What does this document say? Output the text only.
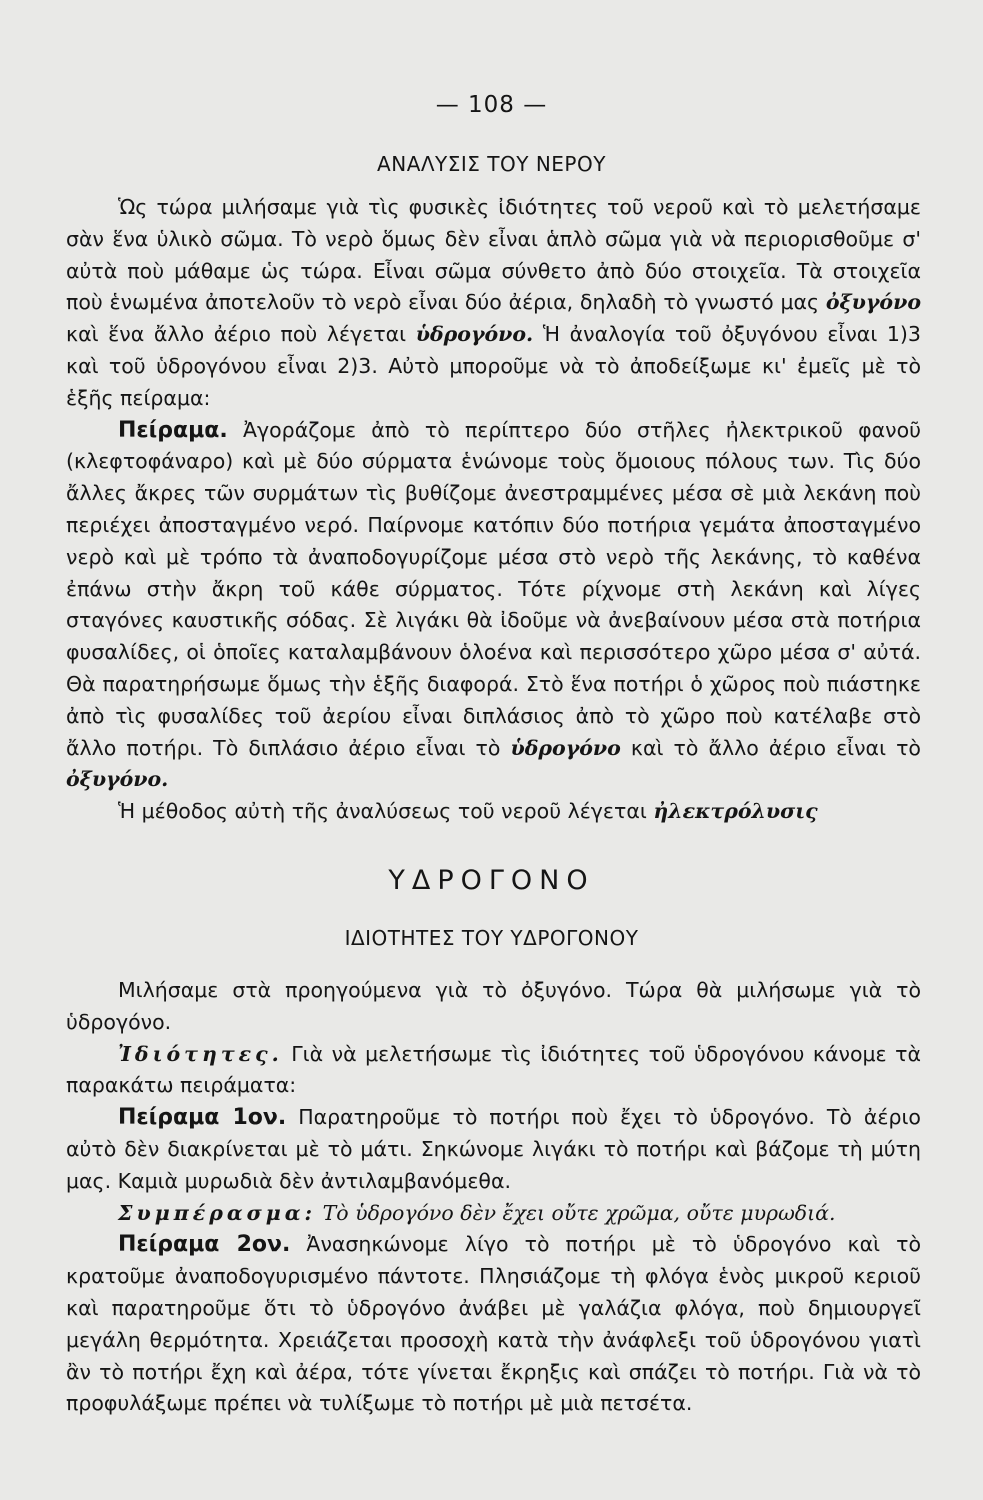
— 108 —
ΑΝΑΛΥΣΙΣ ΤΟΥ ΝΕΡΟΥ

Ὡς τώρα μιλήσαμε γιὰ τὶς φυσικὲς ἰδιότητες τοῦ νεροῦ καὶ τὸ μελετήσαμε σὰν ἕνα ὑλικὸ σῶμα. Τὸ νερὸ ὅμως δὲν εἶναι ἁπλὸ σῶμα γιὰ νὰ περιορισθοῦμε σ' αὐτὰ ποὺ μάθαμε ὡς τώρα. Εἶναι σῶμα σύνθετο ἀπὸ δύο στοιχεῖα. Τὰ στοιχεῖα ποὺ ἑνωμένα ἀποτελοῦν τὸ νερὸ εἶναι δύο ἀέρια, δηλαδὴ τὸ γνωστό μας ὀξυγόνο καὶ ἕνα ἄλλο ἀέριο ποὺ λέγεται ὑδρογόνο. Ἡ ἀναλογία τοῦ ὀξυγόνου εἶναι 1)3 καὶ τοῦ ὑδρογόνου εἶναι 2)3. Αὐτὸ μποροῦμε νὰ τὸ ἀποδείξωμε κι' ἐμεῖς μὲ τὸ ἑξῆς πείραμα:

Πείραμα. Ἀγοράζομε ἀπὸ τὸ περίπτερο δύο στῆλες ἠλεκτρικοῦ φανοῦ (κλεφτοφάναρο) καὶ μὲ δύο σύρματα ἑνώνομε τοὺς ὅμοιους πόλους των. Τὶς δύο ἄλλες ἄκρες τῶν συρμάτων τὶς βυθίζομε ἀνεστραμμένες μέσα σὲ μιὰ λεκάνη ποὺ περιέχει ἀποσταγμένο νερό. Παίρνομε κατόπιν δύο ποτήρια γεμάτα ἀποσταγμένο νερὸ καὶ μὲ τρόπο τὰ ἀναποδογυρίζομε μέσα στὸ νερὸ τῆς λεκάνης, τὸ καθένα ἐπάνω στὴν ἄκρη τοῦ κάθε σύρματος. Τότε ρίχνομε στὴ λεκάνη καὶ λίγες σταγόνες καυστικῆς σόδας. Σὲ λιγάκι θὰ ἰδοῦμε νὰ ἀνεβαίνουν μέσα στὰ ποτήρια φυσαλίδες, οἱ ὁποῖες καταλαμβάνουν ὁλοένα καὶ περισσότερο χῶρο μέσα σ' αὐτά. Θὰ παρατηρήσωμε ὅμως τὴν ἑξῆς διαφορά. Στὸ ἕνα ποτήρι ὁ χῶρος ποὺ πιάστηκε ἀπὸ τὶς φυσαλίδες τοῦ ἀερίου εἶναι διπλάσιος ἀπὸ τὸ χῶρο ποὺ κατέλαβε στὸ ἄλλο ποτήρι. Τὸ διπλάσιο ἀέριο εἶναι τὸ ὑδρογόνο καὶ τὸ ἄλλο ἀέριο εἶναι τὸ ὀξυγόνο.

Ἡ μέθοδος αὐτὴ τῆς ἀναλύσεως τοῦ νεροῦ λέγεται ἠλεκτρόλυσις

ΥΔΡΟΓΟΝΟ
ΙΔΙΟΤΗΤΕΣ ΤΟΥ ΥΔΡΟΓΟΝΟΥ

Μιλήσαμε στὰ προηγούμενα γιὰ τὸ ὀξυγόνο. Τώρα θὰ μιλήσωμε γιὰ τὸ ὑδρογόνο.

Ἰδιότητες. Γιὰ νὰ μελετήσωμε τὶς ἰδιότητες τοῦ ὑδρογόνου κάνομε τὰ παρακάτω πειράματα:

Πείραμα 1ον. Παρατηροῦμε τὸ ποτήρι ποὺ ἔχει τὸ ὑδρογόνο. Τὸ ἀέριο αὐτὸ δὲν διακρίνεται μὲ τὸ μάτι. Σηκώνομε λιγάκι τὸ ποτήρι καὶ βάζομε τὴ μύτη μας. Καμιὰ μυρωδιὰ δὲν ἀντιλαμβανόμεθα.

Συμπέρασμα: Τὸ ὑδρογόνο δὲν ἔχει οὔτε χρῶμα, οὔτε μυρωδιά.

Πείραμα 2ον. Ἀνασηκώνομε λίγο τὸ ποτήρι μὲ τὸ ὑδρογόνο καὶ τὸ κρατοῦμε ἀναποδογυρισμένο πάντοτε. Πλησιάζομε τὴ φλόγα ἑνὸς μικροῦ κεριοῦ καὶ παρατηροῦμε ὅτι τὸ ὑδρογόνο ἀνάβει μὲ γαλάζια φλόγα, ποὺ δημιουργεῖ μεγάλη θερμότητα. Χρειάζεται προσοχὴ κατὰ τὴν ἀνάφλεξι τοῦ ὑδρογόνου γιατὶ ἂν τὸ ποτήρι ἔχη καὶ ἀέρα, τότε γίνεται ἔκρηξις καὶ σπάζει τὸ ποτήρι. Γιὰ νὰ τὸ προφυλάξωμε πρέπει νὰ τυλίξωμε τὸ ποτήρι μὲ μιὰ πετσέτα.
